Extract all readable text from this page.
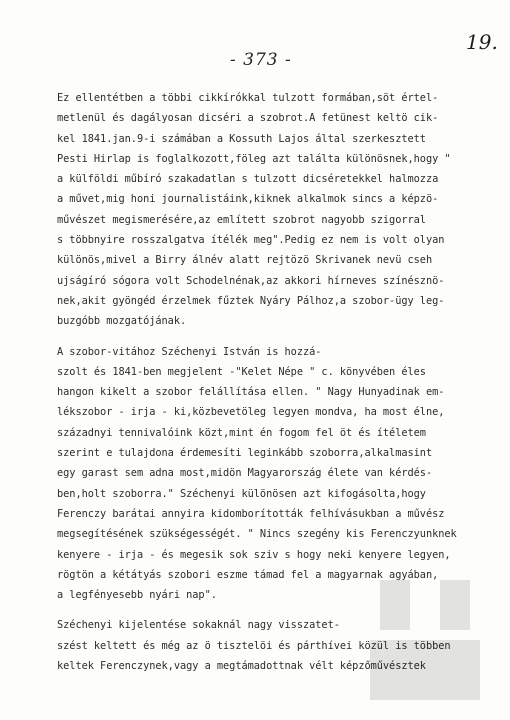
19.
- 373 -
Ez ellentétben a többi cikkírókkal tulzott formában,söt értel-
metlenül és dagályosan dicséri a szobrot.A fetünest keltö cik-
kel 1841.jan.9-i számában a Kossuth Lajos által szerkesztett
Pesti Hirlap is foglalkozott,föleg azt találta különösnek,hogy "
a külföldi műbíró szakadatlan s tulzott dicséretekkel halmozza
a művet,mig honi journalistáink,kiknek alkalmok sincs a képzö-
művészet megismerésére,az említett szobrot nagyobb szigorral
s többnyire rosszalgatva ítélék meg".Pedig ez nem is volt olyan
különös,mivel a Birry álnév alatt rejtözö Skrivanek nevü cseh
ujságíró sógora volt Schodelnénak,az akkori hírneves színésznö-
nek,akit gyöngéd érzelmek fűztek Nyáry Pálhoz,a szobor-ügy leg-
buzgóbb mozgatójának.
A szobor-vitához Széchenyi István is hozzá-
szolt és 1841-ben megjelent -"Kelet Népe " c. könyvében éles
hangon kikelt a szobor felállítása ellen. " Nagy Hunyadinak em-
lékszobor - irja - ki,közbevetöleg legyen mondva, ha most élne,
századnyi tennivalóink közt,mint én fogom fel öt és ítéletem
szerint e tulajdona érdemesíti leginkább szoborra,alkalmasint
egy garast sem adna most,midön Magyarország élete van kérdés-
ben,holt szoborra." Széchenyi különösen azt kifogásolta,hogy
Ferenczy barátai annyira kidomborították felhívásukban a művész
megsegítésének szükségességét. " Nincs szegény kis Ferenczyunknek
kenyere - irja - és megesik sok sziv s hogy neki kenyere legyen,
rögtön a kétátyás szobori eszme támad fel a magyarnak agyában,
a legfényesebb nyári nap".
Széchenyi kijelentése sokaknál nagy visszatet-
szést keltett és még az ö tisztelöi és párthívei közül is többen
keltek Ferenczynek,vagy a megtámadottnak vélt képzőművésztek
